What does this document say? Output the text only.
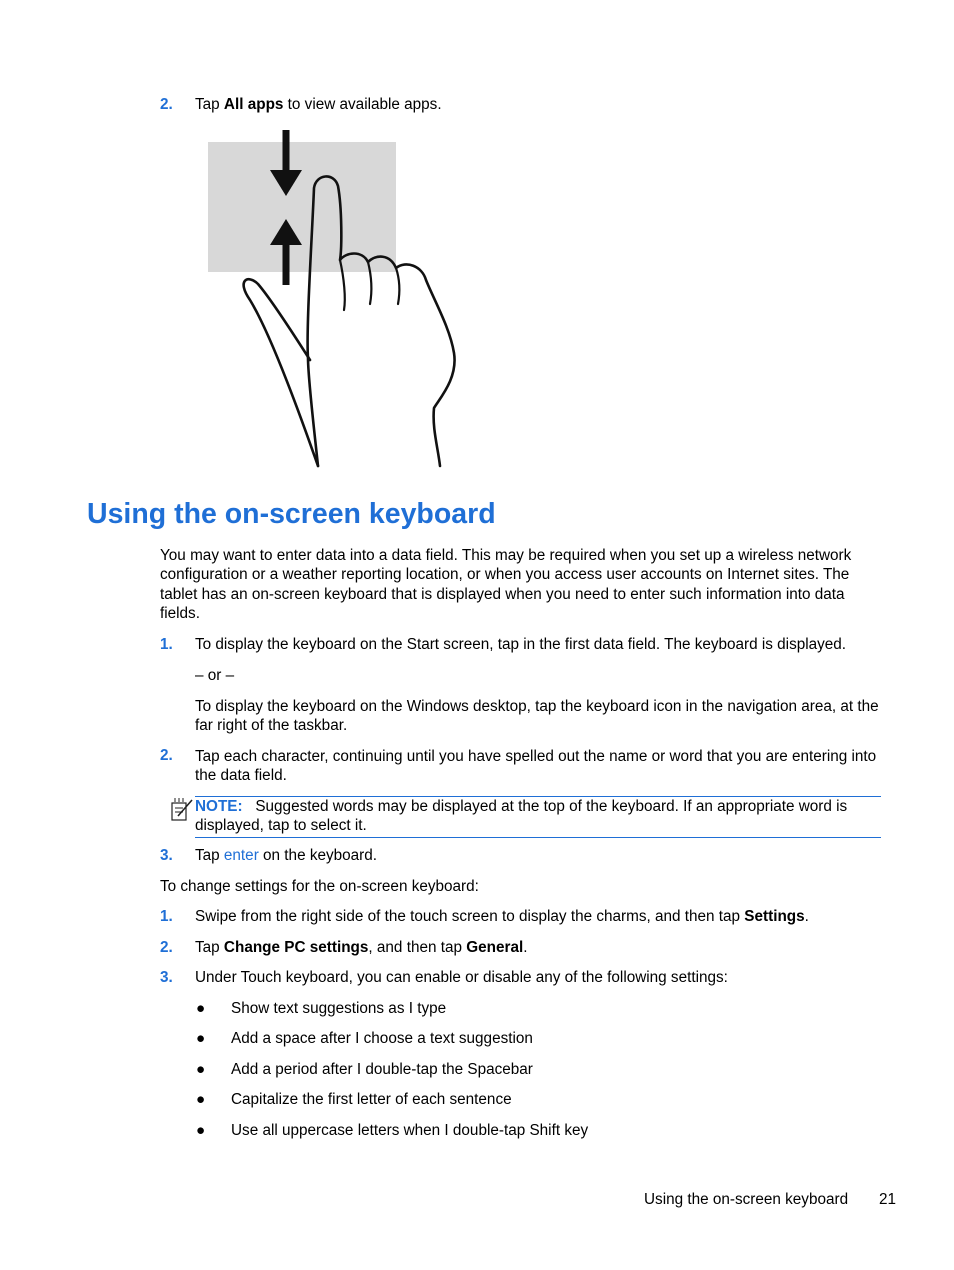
2. Tap All apps to view available apps.
Using the on-screen keyboard
You may want to enter data into a data field. This may be required when you set up a wireless network configuration or a weather reporting location, or when you access user accounts on Internet sites. The tablet has an on-screen keyboard that is displayed when you need to enter such information into data fields.
1. To display the keyboard on the Start screen, tap in the first data field. The keyboard is displayed.
– or –
To display the keyboard on the Windows desktop, tap the keyboard icon in the navigation area, at the far right of the taskbar.
2. Tap each character, continuing until you have spelled out the name or word that you are entering into the data field.
NOTE: Suggested words may be displayed at the top of the keyboard. If an appropriate word is displayed, tap to select it.
3. Tap enter on the keyboard.
To change settings for the on-screen keyboard:
1. Swipe from the right side of the touch screen to display the charms, and then tap Settings.
2. Tap Change PC settings, and then tap General.
3. Under Touch keyboard, you can enable or disable any of the following settings:
● Show text suggestions as I type
● Add a space after I choose a text suggestion
● Add a period after I double-tap the Spacebar
● Capitalize the first letter of each sentence
● Use all uppercase letters when I double-tap Shift key
Using the on-screen keyboard 21
